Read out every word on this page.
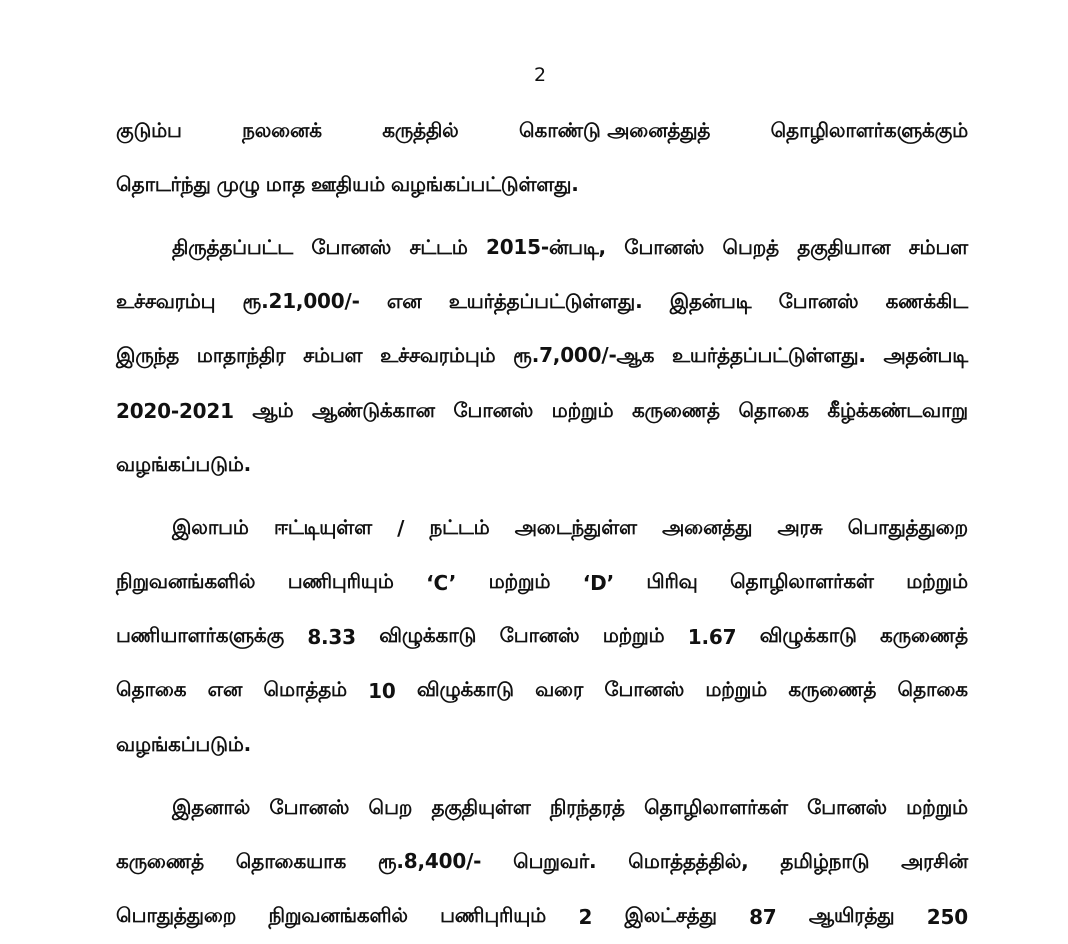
2
குடும்ப	நலனைக்	கருத்தில்	கொண்டு அனைத்துத்	தொழிலாளர்களுக்கும்
தொடர்ந்து முழு மாத ஊதியம் வழங்கப்பட்டுள்ளது.
திருத்தப்பட்ட போனஸ் சட்டம் 2015-ன்படி, போனஸ் பெறத் தகுதியான சம்பள
உச்சவரம்பு ரூ.21,000/- என உயர்த்தப்பட்டுள்ளது. இதன்படி போனஸ் கணக்கிட
இருந்த மாதாந்திர சம்பள உச்சவரம்பும் ரூ.7,000/-ஆக உயர்த்தப்பட்டுள்ளது. அதன்படி
2020-2021 ஆம் ஆண்டுக்கான போனஸ் மற்றும் கருணைத் தொகை கீழ்க்கண்டவாறு
வழங்கப்படும்.
இலாபம் ஈட்டியுள்ள / நட்டம் அடைந்துள்ள அனைத்து அரசு பொதுத்துறை
நிறுவனங்களில் பணிபுரியும் ‘C’ மற்றும் ‘D’ பிரிவு தொழிலாளர்கள் மற்றும்
பணியாளர்களுக்கு 8.33 விழுக்காடு போனஸ் மற்றும் 1.67 விழுக்காடு கருணைத்
தொகை என மொத்தம் 10 விழுக்காடு வரை போனஸ் மற்றும் கருணைத் தொகை
வழங்கப்படும்.
இதனால் போனஸ் பெற தகுதியுள்ள நிரந்தரத் தொழிலாளர்கள் போனஸ் மற்றும்
கருணைத் தொகையாக ரூ.8,400/- பெறுவர். மொத்தத்தில், தமிழ்நாடு அரசின்
பொதுத்துறை நிறுவனங்களில் பணிபுரியும் 2 இலட்சத்து 87 ஆயிரத்து 250
